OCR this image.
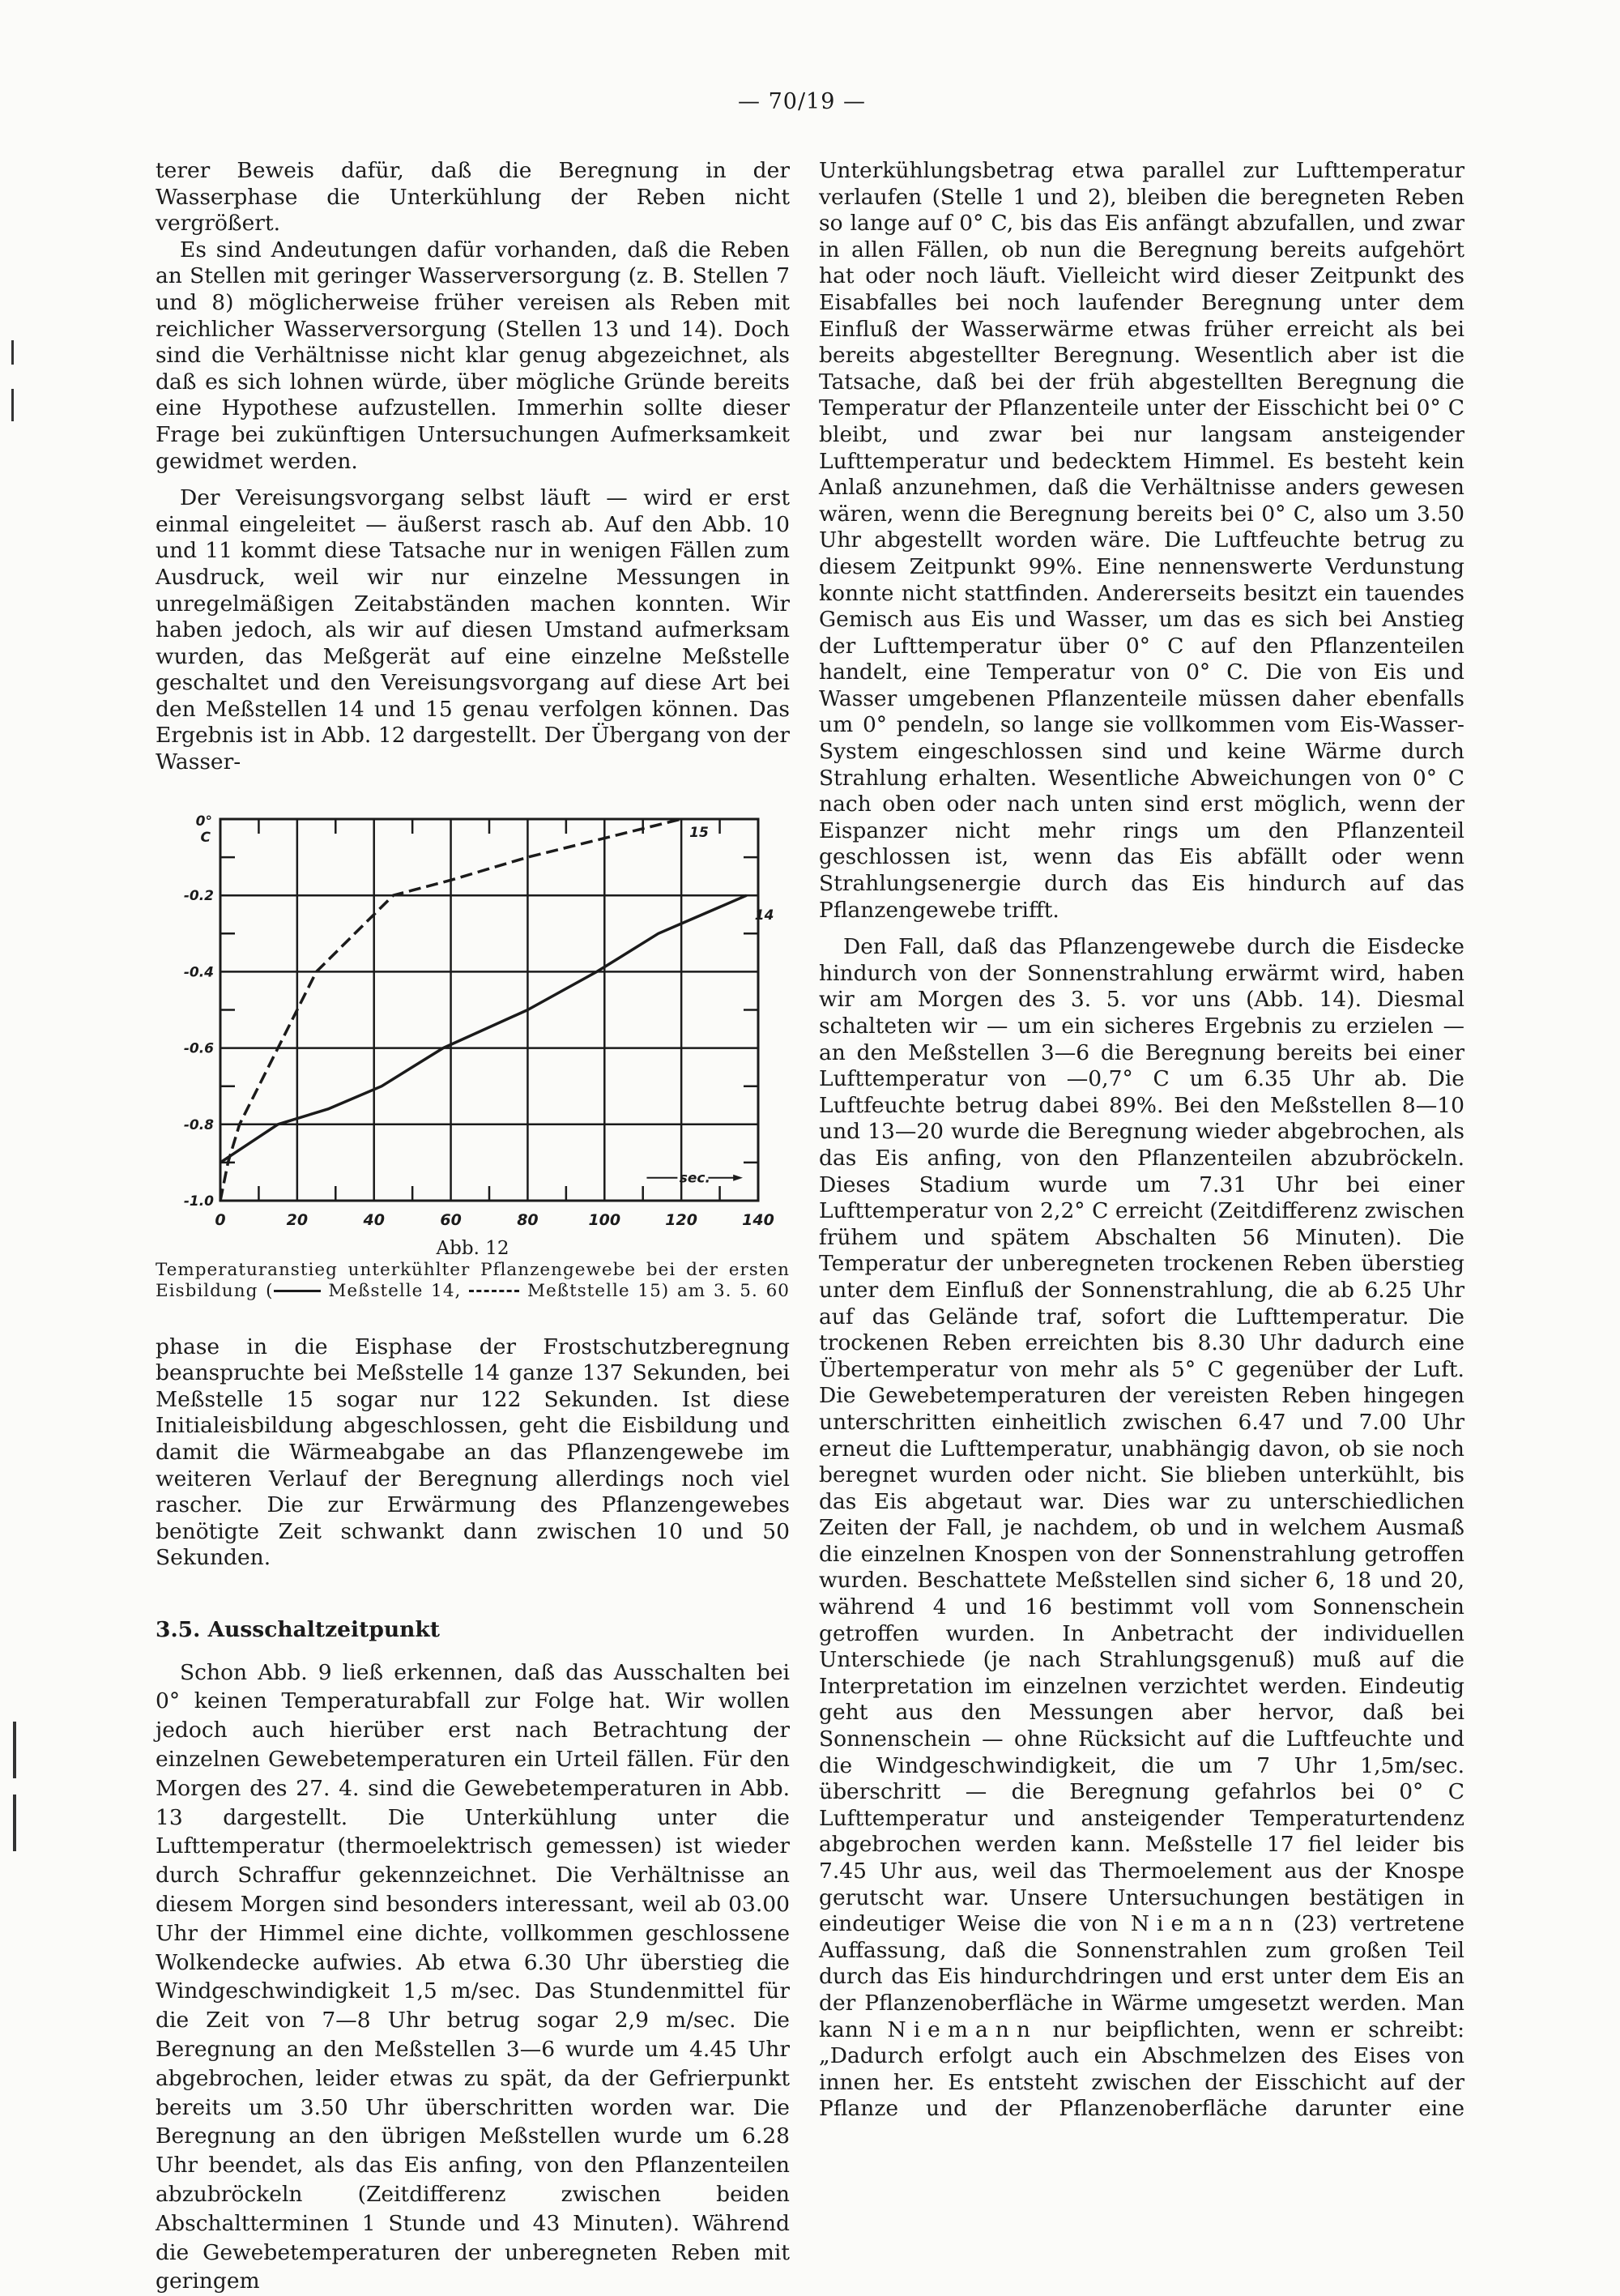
— 70/19 —

terer Beweis dafür, daß die Beregnung in der Wasserphase die Unterkühlung der Reben nicht vergrößert.

Es sind Andeutungen dafür vorhanden, daß die Reben an Stellen mit geringer Wasserversorgung (z. B. Stellen 7 und 8) möglicherweise früher vereisen als Reben mit reichlicher Wasserversorgung (Stellen 13 und 14). Doch sind die Verhältnisse nicht klar genug abgezeichnet, als daß es sich lohnen würde, über mögliche Gründe bereits eine Hypothese aufzustellen. Immerhin sollte dieser Frage bei zukünftigen Untersuchungen Aufmerksamkeit gewidmet werden.

Der Vereisungsvorgang selbst läuft — wird er erst einmal eingeleitet — äußerst rasch ab. Auf den Abb. 10 und 11 kommt diese Tatsache nur in wenigen Fällen zum Ausdruck, weil wir nur einzelne Messungen in unregelmäßigen Zeitabständen machen konnten. Wir haben jedoch, als wir auf diesen Umstand aufmerksam wurden, das Meßgerät auf eine einzelne Meßstelle geschaltet und den Vereisungsvorgang auf diese Art bei den Meßstellen 14 und 15 genau verfolgen können. Das Ergebnis ist in Abb. 12 dargestellt. Der Übergang von der Wasser-

0	20	40	60	80	100	120	140
-0.2
-0.4
-0.6
-0.8
-1.0
0°
C
14
15
sec.
Abb. 12
Temperaturanstieg unterkühlter Pflanzengewebe bei der ersten
Eisbildung (	Meßstelle 14,	Meßtstelle 15) am 3. 5. 60

phase in die Eisphase der Frostschutzberegnung beanspruchte bei Meßstelle 14 ganze 137 Sekunden, bei Meßstelle 15 sogar nur 122 Sekunden. Ist diese Initialeisbildung abgeschlossen, geht die Eisbildung und damit die Wärmeabgabe an das Pflanzengewebe im weiteren Verlauf der Beregnung allerdings noch viel rascher. Die zur Erwärmung des Pflanzengewebes benötigte Zeit schwankt dann zwischen 10 und 50 Sekunden.

3.5. Ausschaltzeitpunkt

Schon Abb. 9 ließ erkennen, daß das Ausschalten bei 0° keinen Temperaturabfall zur Folge hat. Wir wollen jedoch auch hierüber erst nach Betrachtung der einzelnen Gewebetemperaturen ein Urteil fällen. Für den Morgen des 27. 4. sind die Gewebetemperaturen in Abb. 13 dargestellt. Die Unterkühlung unter die Lufttemperatur (thermoelektrisch gemessen) ist wieder durch Schraffur gekennzeichnet. Die Verhältnisse an diesem Morgen sind besonders interessant, weil ab 03.00 Uhr der Himmel eine dichte, vollkommen geschlossene Wolkendecke aufwies. Ab etwa 6.30 Uhr überstieg die Windgeschwindigkeit 1,5 m/sec. Das Stundenmittel für die Zeit von 7—8 Uhr betrug sogar 2,9 m/sec. Die Beregnung an den Meßstellen 3—6 wurde um 4.45 Uhr abgebrochen, leider etwas zu spät, da der Gefrierpunkt bereits um 3.50 Uhr überschritten worden war. Die Beregnung an den übrigen Meßstellen wurde um 6.28 Uhr beendet, als das Eis anfing, von den Pflanzenteilen abzubröckeln (Zeitdifferenz zwischen beiden Abschaltterminen 1 Stunde und 43 Minuten). Während die Gewebetemperaturen der unberegneten Reben mit geringem

Unterkühlungsbetrag etwa parallel zur Lufttemperatur verlaufen (Stelle 1 und 2), bleiben die beregneten Reben so lange auf 0° C, bis das Eis anfängt abzufallen, und zwar in allen Fällen, ob nun die Beregnung bereits aufgehört hat oder noch läuft. Vielleicht wird dieser Zeitpunkt des Eisabfalles bei noch laufender Beregnung unter dem Einfluß der Wasserwärme etwas früher erreicht als bei bereits abgestellter Beregnung. Wesentlich aber ist die Tatsache, daß bei der früh abgestellten Beregnung die Temperatur der Pflanzenteile unter der Eisschicht bei 0° C bleibt, und zwar bei nur langsam ansteigender Lufttemperatur und bedecktem Himmel. Es besteht kein Anlaß anzunehmen, daß die Verhältnisse anders gewesen wären, wenn die Beregnung bereits bei 0° C, also um 3.50 Uhr abgestellt worden wäre. Die Luftfeuchte betrug zu diesem Zeitpunkt 99%. Eine nennenswerte Verdunstung konnte nicht stattfinden. Andererseits besitzt ein tauendes Gemisch aus Eis und Wasser, um das es sich bei Anstieg der Lufttemperatur über 0° C auf den Pflanzenteilen handelt, eine Temperatur von 0° C. Die von Eis und Wasser umgebenen Pflanzenteile müssen daher ebenfalls um 0° pendeln, so lange sie vollkommen vom Eis-Wasser-System eingeschlossen sind und keine Wärme durch Strahlung erhalten. Wesentliche Abweichungen von 0° C nach oben oder nach unten sind erst möglich, wenn der Eispanzer nicht mehr rings um den Pflanzenteil geschlossen ist, wenn das Eis abfällt oder wenn Strahlungsenergie durch das Eis hindurch auf das Pflanzengewebe trifft.

Den Fall, daß das Pflanzengewebe durch die Eisdecke hindurch von der Sonnenstrahlung erwärmt wird, haben wir am Morgen des 3. 5. vor uns (Abb. 14). Diesmal schalteten wir — um ein sicheres Ergebnis zu erzielen — an den Meßstellen 3—6 die Beregnung bereits bei einer Lufttemperatur von —0,7° C um 6.35 Uhr ab. Die Luftfeuchte betrug dabei 89%. Bei den Meßstellen 8—10 und 13—20 wurde die Beregnung wieder abgebrochen, als das Eis anfing, von den Pflanzenteilen abzubröckeln. Dieses Stadium wurde um 7.31 Uhr bei einer Lufttemperatur von 2,2° C erreicht (Zeitdifferenz zwischen frühem und spätem Abschalten 56 Minuten). Die Temperatur der unberegneten trockenen Reben überstieg unter dem Einfluß der Sonnenstrahlung, die ab 6.25 Uhr auf das Gelände traf, sofort die Lufttemperatur. Die trockenen Reben erreichten bis 8.30 Uhr dadurch eine Übertemperatur von mehr als 5° C gegenüber der Luft. Die Gewebetemperaturen der vereisten Reben hingegen unterschritten einheitlich zwischen 6.47 und 7.00 Uhr erneut die Lufttemperatur, unabhängig davon, ob sie noch beregnet wurden oder nicht. Sie blieben unterkühlt, bis das Eis abgetaut war. Dies war zu unterschiedlichen Zeiten der Fall, je nachdem, ob und in welchem Ausmaß die einzelnen Knospen von der Sonnenstrahlung getroffen wurden. Beschattete Meßstellen sind sicher 6, 18 und 20, während 4 und 16 bestimmt voll vom Sonnenschein getroffen wurden. In Anbetracht der individuellen Unterschiede (je nach Strahlungsgenuß) muß auf die Interpretation im einzelnen verzichtet werden. Eindeutig geht aus den Messungen aber hervor, daß bei Sonnenschein — ohne Rücksicht auf die Luftfeuchte und die Windgeschwindigkeit, die um 7 Uhr 1,5m/sec. überschritt — die Beregnung gefahrlos bei 0° C Lufttemperatur und ansteigender Temperaturtendenz abgebrochen werden kann. Meßstelle 17 fiel leider bis 7.45 Uhr aus, weil das Thermoelement aus der Knospe gerutscht war. Unsere Untersuchungen bestätigen in eindeutiger Weise die von Niemann (23) vertretene Auffassung, daß die Sonnenstrahlen zum großen Teil durch das Eis hindurchdringen und erst unter dem Eis an der Pflanzenoberfläche in Wärme umgesetzt werden. Man kann Niemann nur beipflichten, wenn er schreibt: „Dadurch erfolgt auch ein Abschmelzen des Eises von innen her. Es entsteht zwischen der Eisschicht auf der Pflanze und der Pflanzenoberfläche darunter eine
